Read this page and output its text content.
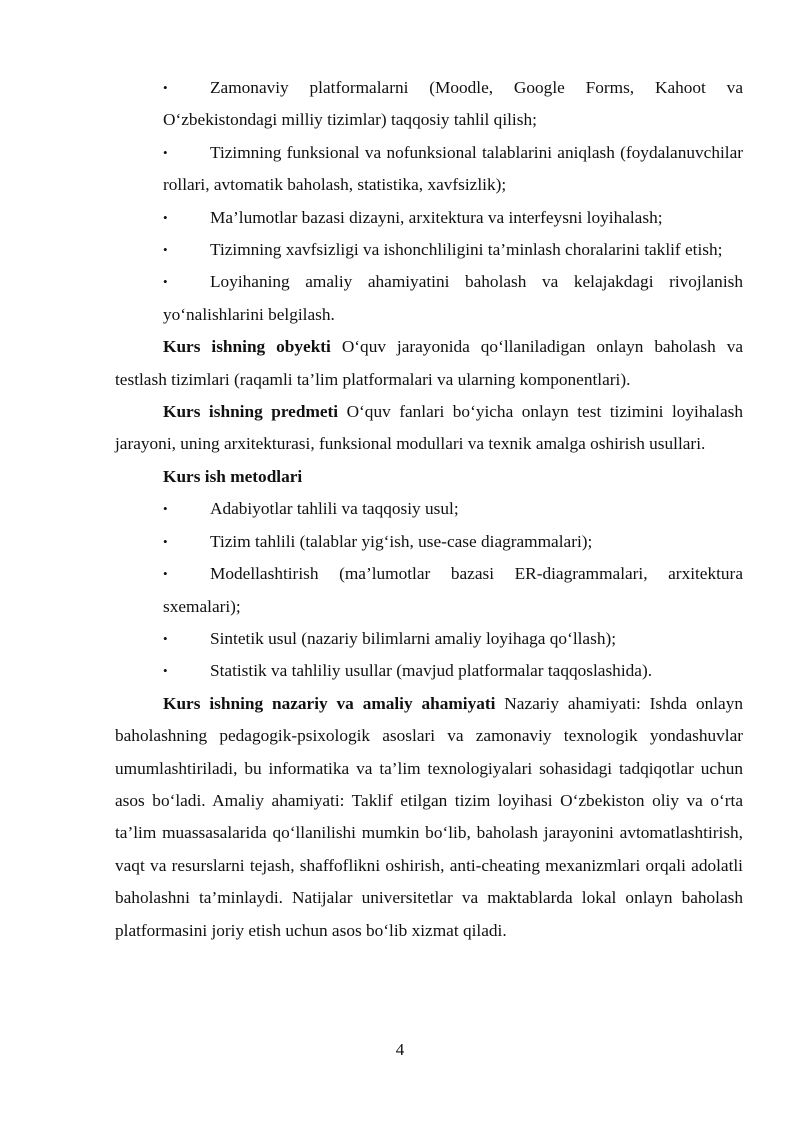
•	Zamonaviy platformalarni (Moodle, Google Forms, Kahoot va O‘zbekistondagi milliy tizimlar) taqqosiy tahlil qilish;
•	Tizimning funksional va nofunksional talablarini aniqlash (foydalanuvchilar rollari, avtomatik baholash, statistika, xavfsizlik);
•	Ma’lumotlar bazasi dizayni, arxitektura va interfeysni loyihalash;
•	Tizimning xavfsizligi va ishonchliligini ta’minlash choralarini taklif etish;
•	Loyihaning amaliy ahamiyatini baholash va kelajakdagi rivojlanish yo‘nalishlarini belgilash.
Kurs ishning obyekti O‘quv jarayonida qo‘llaniladigan onlayn baholash va testlash tizimlari (raqamli ta’lim platformalari va ularning komponentlari).
Kurs ishning predmeti O‘quv fanlari bo‘yicha onlayn test tizimini loyihalash jarayoni, uning arxitekturasi, funksional modullari va texnik amalga oshirish usullari.
Kurs ish metodlari
•	Adabiyotlar tahlili va taqqosiy usul;
•	Tizim tahlili (talablar yig‘ish, use-case diagrammalari);
•	Modellashtirish (ma’lumotlar bazasi ER-diagrammalari, arxitektura sxemalari);
•	Sintetik usul (nazariy bilimlarni amaliy loyihaga qo‘llash);
•	Statistik va tahliliy usullar (mavjud platformalar taqqoslashida).
Kurs ishning nazariy va amaliy ahamiyati Nazariy ahamiyati: Ishda onlayn baholashning pedagogik-psixologik asoslari va zamonaviy texnologik yondashuvlar umumlashtiriladi, bu informatika va ta’lim texnologiyalari sohasidagi tadqiqotlar uchun asos bo‘ladi. Amaliy ahamiyati: Taklif etilgan tizim loyihasi O‘zbekiston oliy va o‘rta ta’lim muassasalarida qo‘llanilishi mumkin bo‘lib, baholash jarayonini avtomatlashtirish, vaqt va resurslarni tejash, shaffoflikni oshirish, anti-cheating mexanizmlari orqali adolatli baholashni ta’minlaydi. Natijalar universitetlar va maktablarda lokal onlayn baholash platformasini joriy etish uchun asos bo‘lib xizmat qiladi.
4
